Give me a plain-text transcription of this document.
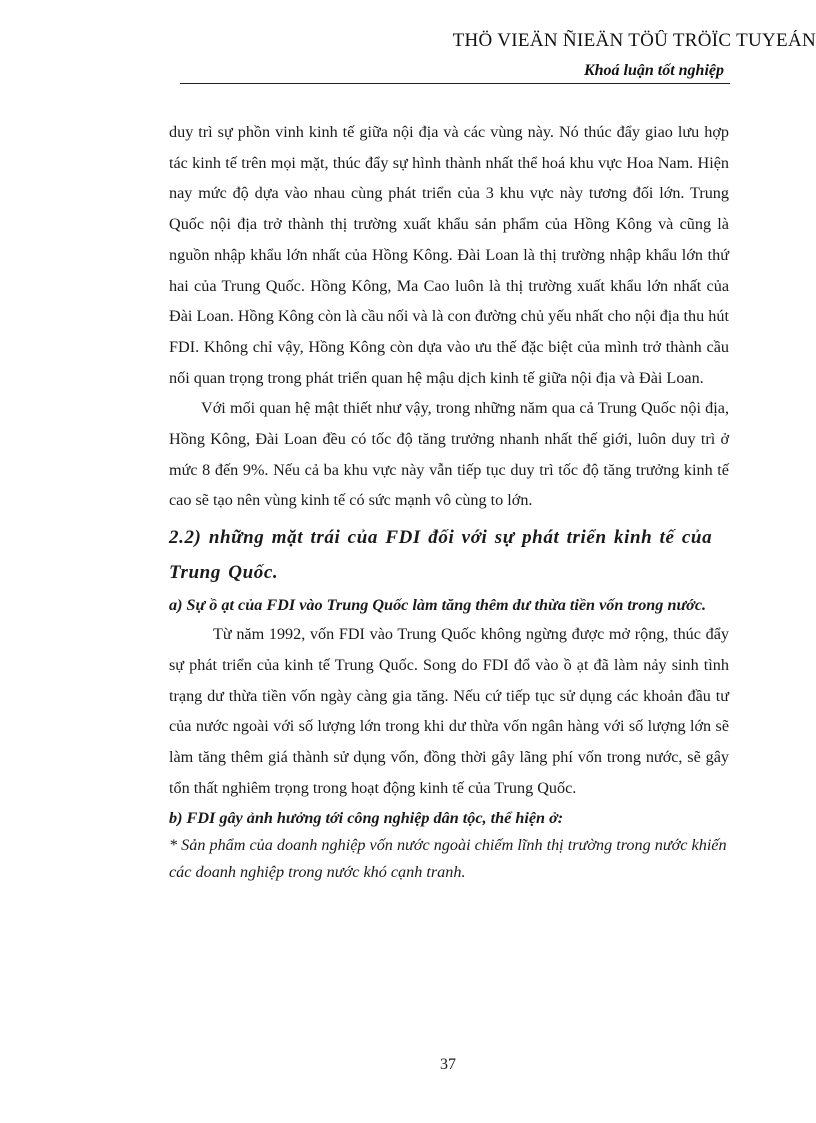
THÖ VIEÄN ÑIEÄN TÖÛ TRÖÏC TUYEÁN
Khoá luận tốt nghiệp

duy trì sự phồn vinh kinh tế giữa nội địa và các vùng này. Nó thúc đẩy giao lưu hợp tác kinh tế trên mọi mặt, thúc đẩy sự hình thành nhất thể hoá khu vực Hoa Nam. Hiện nay mức độ dựa vào nhau cùng phát triển của 3 khu vực này tương đối lớn. Trung Quốc nội địa trở thành thị trường xuất khẩu sản phẩm của Hồng Kông và cũng là nguồn nhập khẩu lớn nhất của Hồng Kông. Đài Loan là thị trường nhập khẩu lớn thứ hai của Trung Quốc. Hồng Kông, Ma Cao luôn là thị trường xuất khẩu lớn nhất của Đài Loan. Hồng Kông còn là cầu nối và là con đường chủ yếu nhất cho nội địa thu hút FDI. Không chỉ vậy, Hồng Kông còn dựa vào ưu thế đặc biệt của mình trở thành cầu nối quan trọng trong phát triển quan hệ mậu dịch kinh tế giữa nội địa và Đài Loan.

Với mối quan hệ mật thiết như vậy, trong những năm qua cả Trung Quốc nội địa, Hồng Kông, Đài Loan đều có tốc độ tăng trưởng nhanh nhất thế giới, luôn duy trì ở mức 8 đến 9%. Nếu cả ba khu vực này vẫn tiếp tục duy trì tốc độ tăng trưởng kinh tế cao sẽ tạo nên vùng kinh tế có sức mạnh vô cùng to lớn.

2.2) những mặt trái của FDI đối với sự phát triển kinh tế của Trung Quốc.

a) Sự ồ ạt của FDI vào Trung Quốc làm tăng thêm dư thừa tiền vốn trong nước.

Từ năm 1992, vốn FDI vào Trung Quốc không ngừng được mở rộng, thúc đẩy sự phát triển của kinh tế Trung Quốc. Song do FDI đổ vào ồ ạt đã làm nảy sinh tình trạng dư thừa tiền vốn ngày càng gia tăng. Nếu cứ tiếp tục sử dụng các khoản đầu tư của nước ngoài với số lượng lớn trong khi dư thừa vốn ngân hàng với số lượng lớn sẽ làm tăng thêm giá thành sử dụng vốn, đồng thời gây lãng phí vốn trong nước, sẽ gây tổn thất nghiêm trọng trong hoạt động kinh tế của Trung Quốc.

b) FDI gây ảnh hưởng tới công nghiệp dân tộc, thể hiện ở:

* Sản phẩm của doanh nghiệp vốn nước ngoài chiếm lĩnh thị trường trong nước khiến các doanh nghiệp trong nước khó cạnh tranh.

37
